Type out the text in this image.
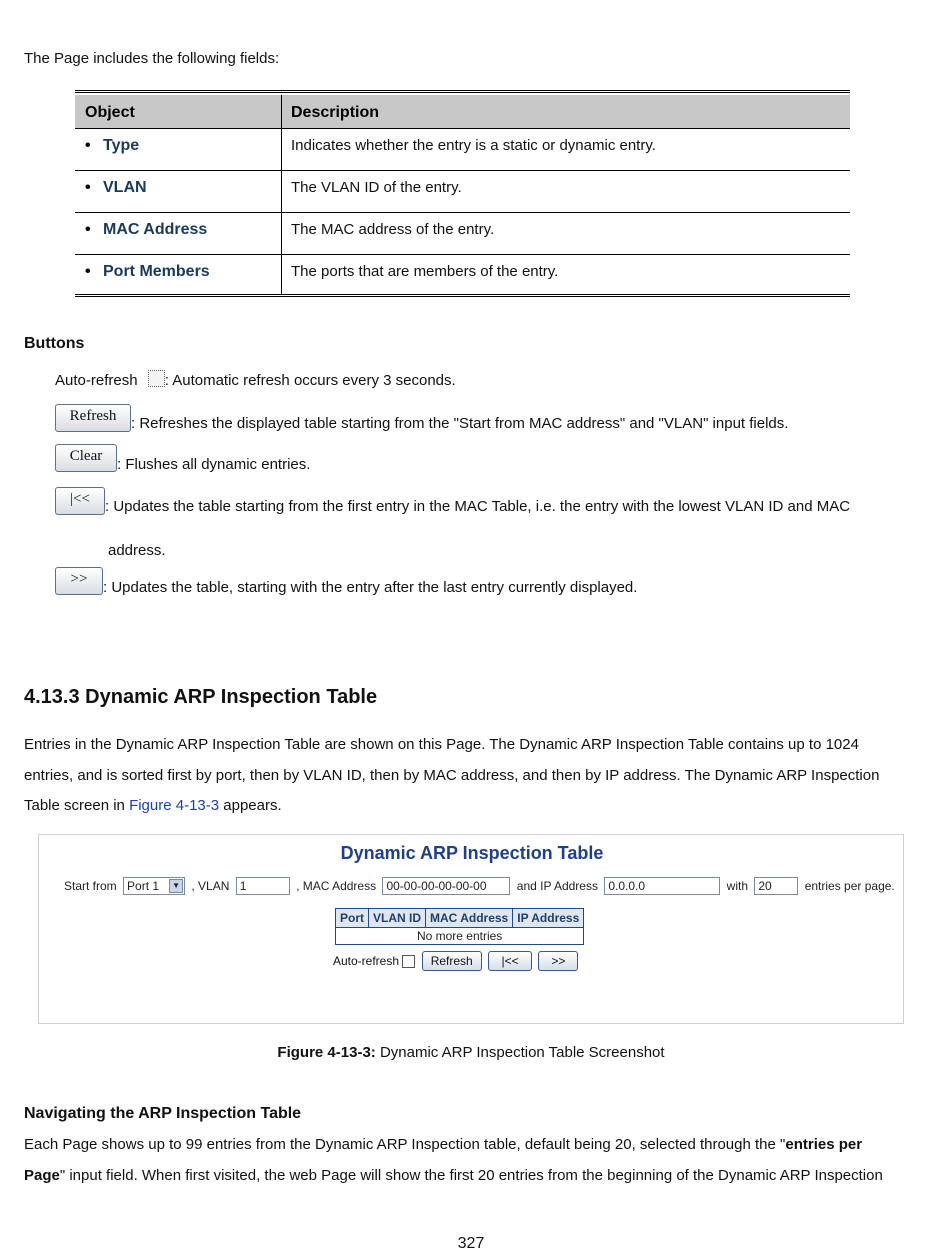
The Page includes the following fields:
Object	Description
• Type	Indicates whether the entry is a static or dynamic entry.
• VLAN	The VLAN ID of the entry.
• MAC Address	The MAC address of the entry.
• Port Members	The ports that are members of the entry.
Buttons
Auto-refresh : Automatic refresh occurs every 3 seconds.
Refresh : Refreshes the displayed table starting from the "Start from MAC address" and "VLAN" input fields.
Clear : Flushes all dynamic entries.
|<< : Updates the table starting from the first entry in the MAC Table, i.e. the entry with the lowest VLAN ID and MAC
address.
>> : Updates the table, starting with the entry after the last entry currently displayed.
4.13.3 Dynamic ARP Inspection Table
Entries in the Dynamic ARP Inspection Table are shown on this Page. The Dynamic ARP Inspection Table contains up to 1024
entries, and is sorted first by port, then by VLAN ID, then by MAC address, and then by IP address. The Dynamic ARP Inspection
Table screen in Figure 4-13-3 appears.
Dynamic ARP Inspection Table
Start from Port 1	▼ , VLAN 1	, MAC Address 00-00-00-00-00-00	and IP Address 0.0.0.0	with 20	entries per page.
Port	VLAN ID	MAC Address	IP Address
No more entries
Auto-refresh	Refresh |<<	>>
Figure 4-13-3: Dynamic ARP Inspection Table Screenshot
Navigating the ARP Inspection Table
Each Page shows up to 99 entries from the Dynamic ARP Inspection table, default being 20, selected through the "entries per
Page" input field. When first visited, the web Page will show the first 20 entries from the beginning of the Dynamic ARP Inspection
327
